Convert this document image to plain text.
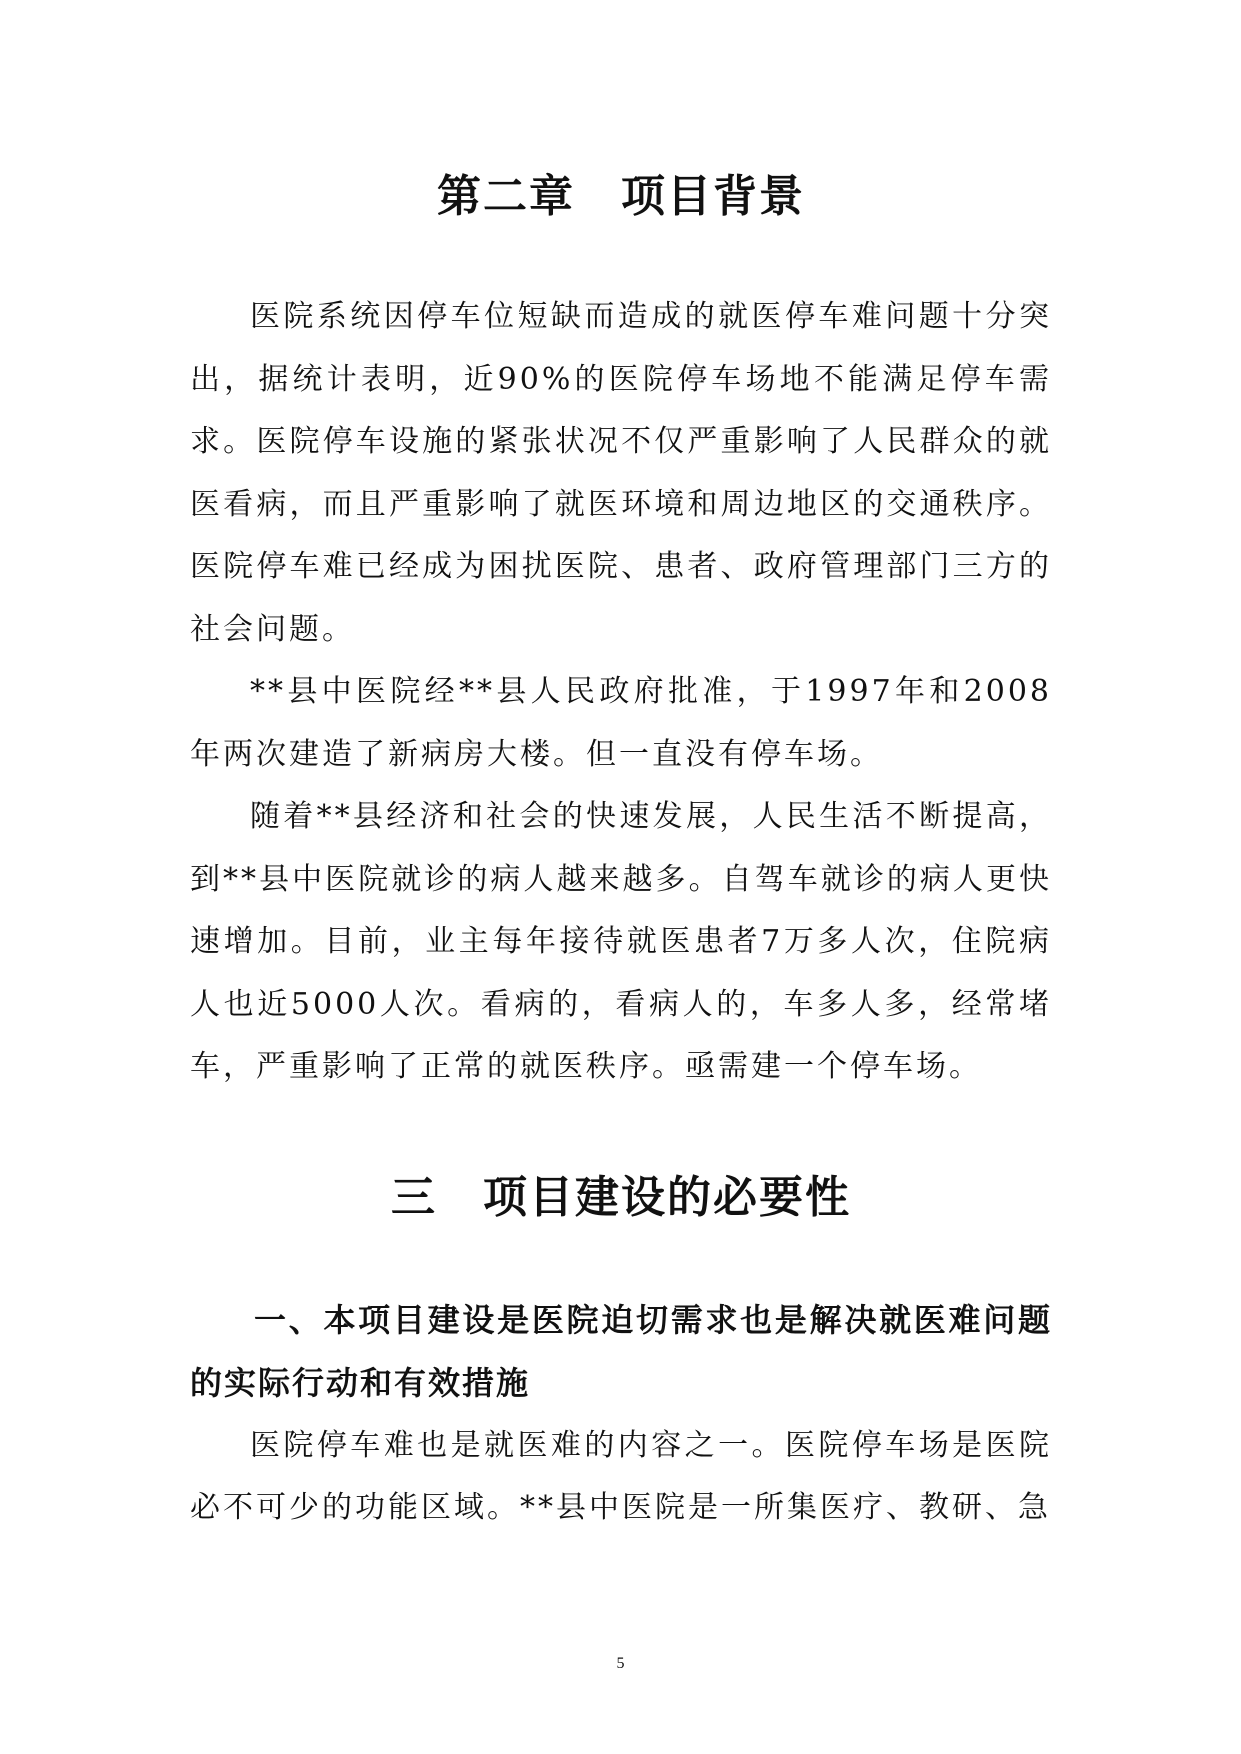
第二章　项目背景

医院系统因停车位短缺而造成的就医停车难问题十分突出，据统计表明，近90%的医院停车场地不能满足停车需求。医院停车设施的紧张状况不仅严重影响了人民群众的就医看病，而且严重影响了就医环境和周边地区的交通秩序。医院停车难已经成为困扰医院、患者、政府管理部门三方的社会问题。

**县中医院经**县人民政府批准，于1997年和2008年两次建造了新病房大楼。但一直没有停车场。

随着**县经济和社会的快速发展，人民生活不断提高，到**县中医院就诊的病人越来越多。自驾车就诊的病人更快速增加。目前，业主每年接待就医患者7万多人次，住院病人也近5000人次。看病的，看病人的，车多人多，经常堵车，严重影响了正常的就医秩序。亟需建一个停车场。

三　项目建设的必要性
一、本项目建设是医院迫切需求也是解决就医难问题的实际行动和有效措施

医院停车难也是就医难的内容之一。医院停车场是医院必不可少的功能区域。**县中医院是一所集医疗、教研、急

5
